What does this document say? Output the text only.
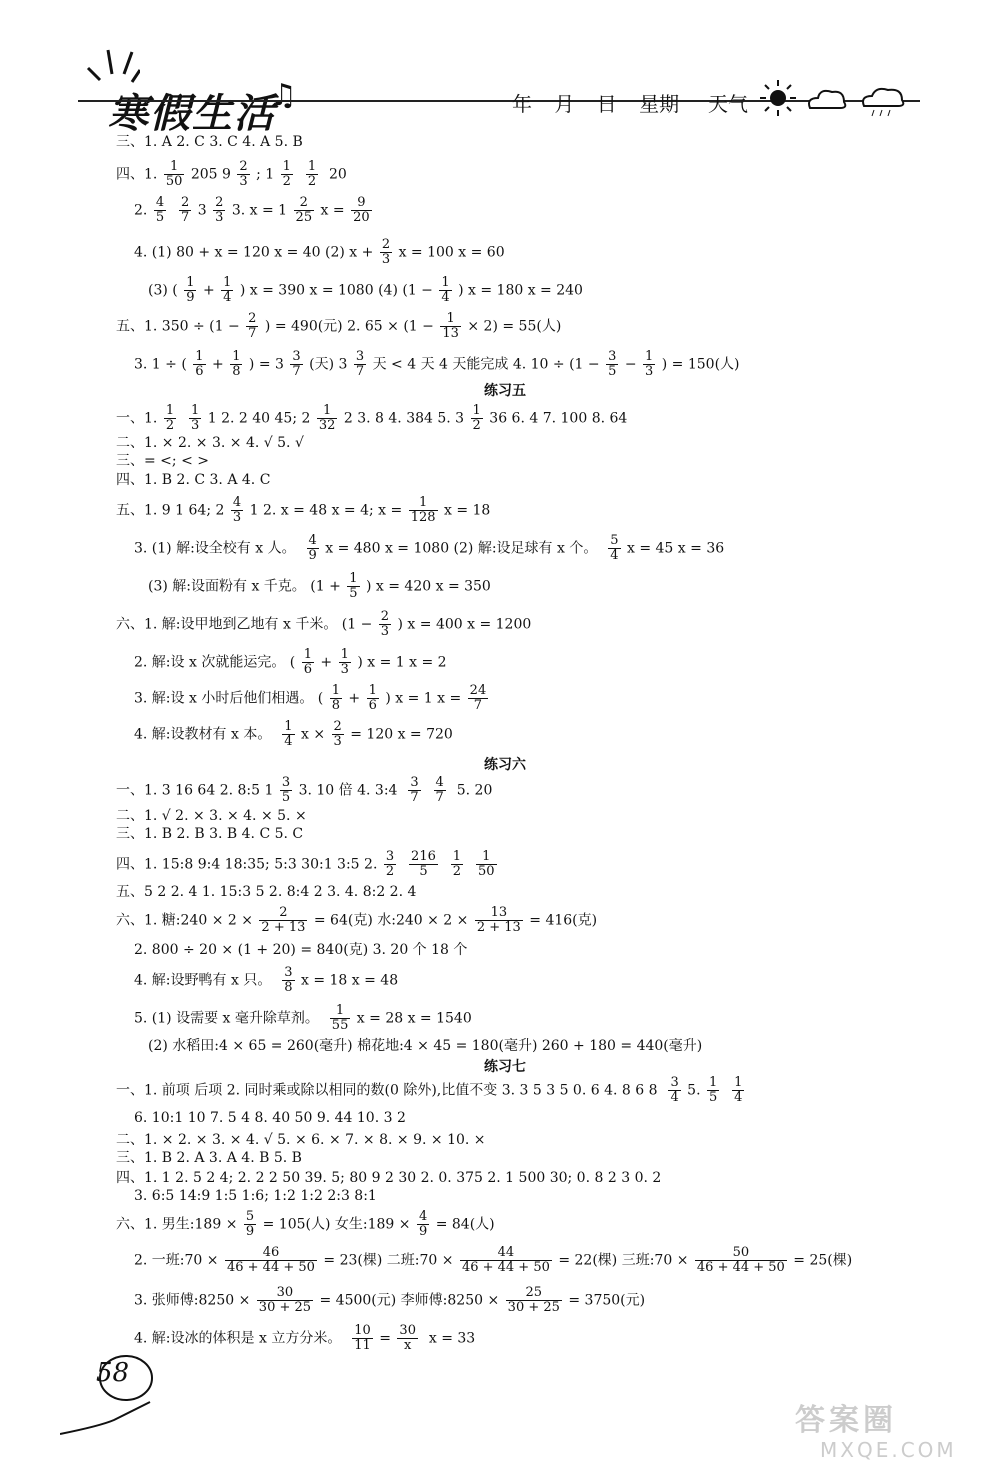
寒假生活
♫	年 月 日 星期 天气
三、1. A 2. C 3. C 4. A 5. B
四、1. $\frac{1}{50} 205$ $9 \frac{2}{3}$ ; $1 \frac{1}{2}$
$\frac{1}{2} 20$
2. $\frac{4}{5}$
$\frac{2}{7} 3 \frac{2}{3} 3$. $x = 1 \frac{2}{25}$ $x = \frac{9}{20}$
4. (1) 80 + x = 120 x = 40 (2) $x + \frac{2}{3}$ x = 100 x = 60
(3) ( $\frac{1}{9} + \frac{1}{4}$ ) x = 390 x = 1080 (4) ($1 - \frac{1}{4}$ ) x = 180 x = 240
五、1. $350 \div (1 - \frac{2}{7}$ ) = 490(元) 2. $65 \times (1 - \frac{1}{13} \times 2) = 55$(人)
3. 1 ÷ ( $\frac{1}{6} + \frac{1}{8}$ ) = $3 \frac{3}{7}$ (天) $3 \frac{3}{7}$ 天 < 4 天 4 天能完成 4. $10 \div (1 - \frac{3}{5} - \frac{1}{3}$ ) = 150(人)
练习五
一、1. $\frac{1}{2}$
$\frac{1}{3} 1$ 2. 2 40 45; $2 \frac{1}{32} 2$ 3. 8 4. 384 5. $3 \frac{1}{2} 36$ 6. 4 7. 100 8. 64
二、1. × 2. × 3. × 4. √ 5. √
三、= <; < >
四、1. B 2. C 3. A 4. C
五、1. 9 1 64; $2 \frac{4}{3} 1$ 2. x = 48 x = 4; $x = \frac{1}{128}$ x = 18
3. (1) 解:设全校有 x 人。 $\frac{4}{9}$ x = 480 x = 1080 (2) 解:设足球有 x 个。 $\frac{5}{4}$ x = 45 x = 36
(3) 解:设面粉有 x 千克。 ($1 + \frac{1}{5}$ ) x = 420 x = 350
六、1. 解:设甲地到乙地有 x 千米。 ($1 - \frac{2}{3}$ ) x = 400 x = 1200
2. 解:设 x 次就能运完。 ( $\frac{1}{6} + \frac{1}{3}$ ) x = 1 x = 2
3. 解:设 x 小时后他们相遇。 ( $\frac{1}{8} + \frac{1}{6}$ ) x = 1 $x = \frac{24}{7}$
4. 解:设教材有 x 本。 $\frac{1}{4}$ $x \times \frac{2}{3} = 120$ x = 720
练习六
一、1. 3 16 64 2. 8:5 $1 \frac{3}{5} 3$. 10 倍 4. 3:4 $\frac{3}{7}$
$\frac{4}{7} 5$. 20
二、1. √ 2. × 3. × 4. × 5. ×
三、1. B 2. B 3. B 4. C 5. C
四、1. 15:8 9:4 18:35; 5:3 30:1 3:5 2. $\frac{3}{2}$
$\frac{216}{5}$
$\frac{1}{2}$
$\frac{1}{50}$
五、5 2 2. 4 1. 15:3 5 2. 8:4 2 3. 4. 8:2 2. 4
六、1. 糖:240 × $2 \times \frac{2}{2 + 13} = 64$(克) 水:240 × $2 \times \frac{13}{2 + 13} = 416$(克)
2. 800 ÷ 20 × (1 + 20) = 840(克) 3. 20 个 18 个
4. 解:设野鸭有 x 只。 $\frac{3}{8}$ x = 18 x = 48
5. (1) 设需要 x 毫升除草剂。 $\frac{1}{55}$ x = 28 x = 1540
(2) 水稻田:4 × 65 = 260(毫升) 棉花地:4 × 45 = 180(毫升) 260 + 180 = 440(毫升)
练习七
一、1. 前项 后项 2. 同时乘或除以相同的数(0 除外),比值不变 3. 3 5 3 5 0. 6 4. 8 6 $8 \frac{3}{4} 5$. $\frac{1}{5}$
$\frac{1}{4}$
6. 10:1 10 7. 5 4 8. 40 50 9. 44 10. 3 2
二、1. × 2. × 3. × 4. √ 5. × 6. × 7. × 8. × 9. × 10. ×
三、1. B 2. A 3. A 4. B 5. B
四、1. 1 2. 5 2 4; 2. 2 2 50 39. 5; 80 9 2 30 2. 0. 375 2. 1 500 30; 0. 8 2 3 0. 2
3. 6:5 14:9 1:5 1:6; 1:2 1:2 2:3 8:1
六、1. 男生:189 × $\frac{5}{9} = 105$(人) 女生:189 × $\frac{4}{9} = 84$(人)
2. 一班:70 × $\frac{46}{46 + 44 + 50} = 23$(棵) 二班:70 × $\frac{44}{46 + 44 + 50} = 22$(棵) 三班:70 × $\frac{50}{46 + 44 + 50} = 25$(棵)
3. 张师傅:8250 × $\frac{30}{30 + 25} = 4500$(元) 李师傅:8250 × $\frac{25}{30 + 25} = 3750$(元)
4. 解:设冰的体积是 x 立方分米。 $\frac{10}{11} = \frac{30}{x}$ x = 33
58
答案圈
MXQE.COM
